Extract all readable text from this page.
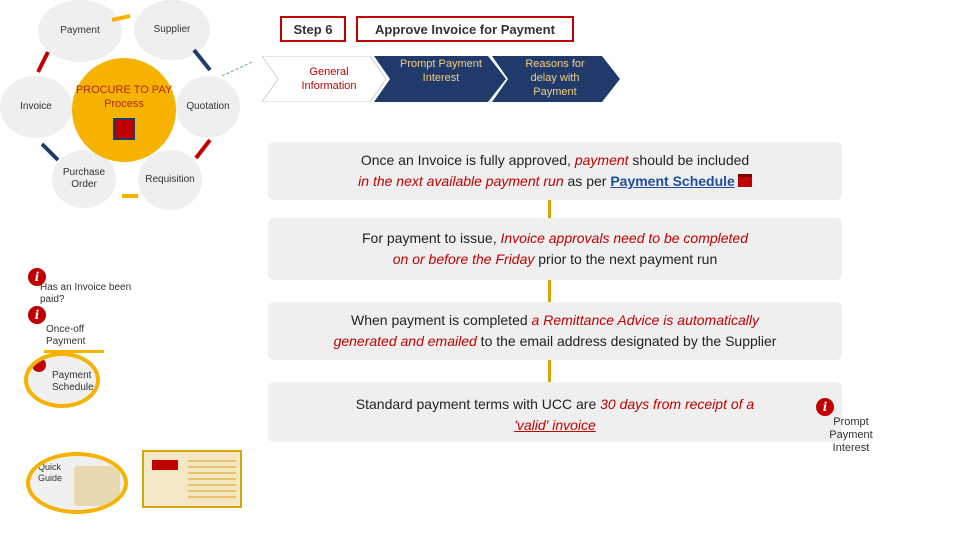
Payment	Supplier
Invoice	Quotation
Purchase Order	Requisition
PROCURE TO PAY
Process
Step 6	Approve Invoice for Payment
General Information
Prompt Payment Interest
Reasons for delay with Payment
Once an Invoice is fully approved, payment should be included
in the next available payment run as per Payment Schedule
For payment to issue, Invoice approvals need to be completed
on or before the Friday prior to the next payment run
When payment is completed a Remittance Advice is automatically
generated and emailed to the email address designated by the Supplier
Standard payment terms with UCC are 30 days from receipt of a
'valid' invoice
i
Prompt Payment Interest
i
Has an Invoice been paid?
i
Once-off Payment
Payment Schedule
Quick Guide
